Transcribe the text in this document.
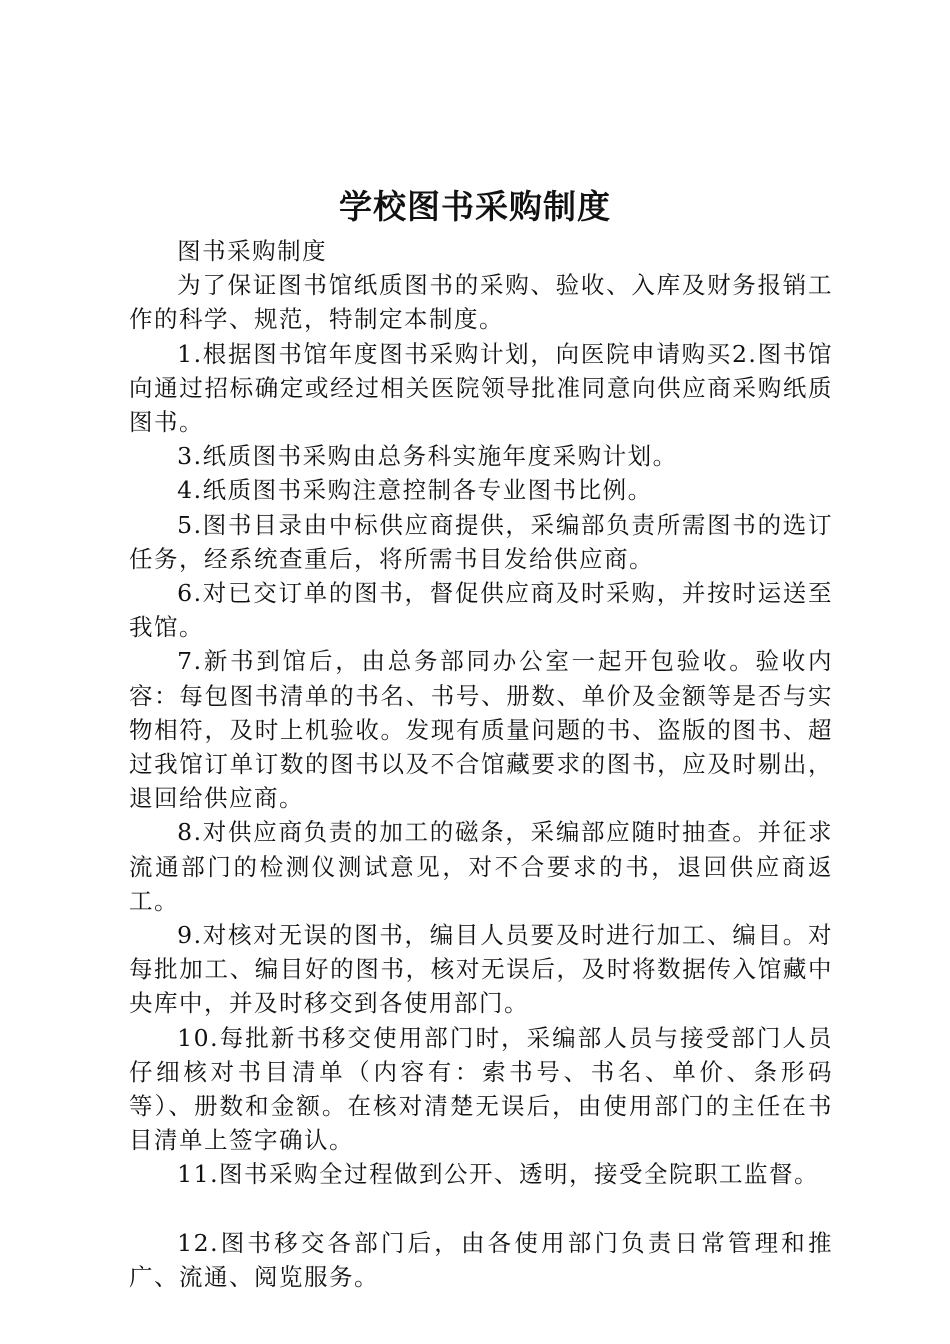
学校图书采购制度

图书采购制度

为了保证图书馆纸质图书的采购、验收、入库及财务报销工作的科学、规范，特制定本制度。

1.根据图书馆年度图书采购计划，向医院申请购买2.图书馆向通过招标确定或经过相关医院领导批准同意向供应商采购纸质图书。

3.纸质图书采购由总务科实施年度采购计划。

4.纸质图书采购注意控制各专业图书比例。

5.图书目录由中标供应商提供，采编部负责所需图书的选订任务，经系统查重后，将所需书目发给供应商。

6.对已交订单的图书，督促供应商及时采购，并按时运送至我馆。

7.新书到馆后，由总务部同办公室一起开包验收。验收内容：每包图书清单的书名、书号、册数、单价及金额等是否与实物相符，及时上机验收。发现有质量问题的书、盗版的图书、超过我馆订单订数的图书以及不合馆藏要求的图书，应及时剔出，退回给供应商。

8.对供应商负责的加工的磁条，采编部应随时抽查。并征求流通部门的检测仪测试意见，对不合要求的书，退回供应商返工。

9.对核对无误的图书，编目人员要及时进行加工、编目。对每批加工、编目好的图书，核对无误后，及时将数据传入馆藏中央库中，并及时移交到各使用部门。

10.每批新书移交使用部门时，采编部人员与接受部门人员仔细核对书目清单（内容有：索书号、书名、单价、条形码等）、册数和金额。在核对清楚无误后，由使用部门的主任在书目清单上签字确认。

11.图书采购全过程做到公开、透明，接受全院职工监督。

12.图书移交各部门后，由各使用部门负责日常管理和推广、流通、阅览服务。
